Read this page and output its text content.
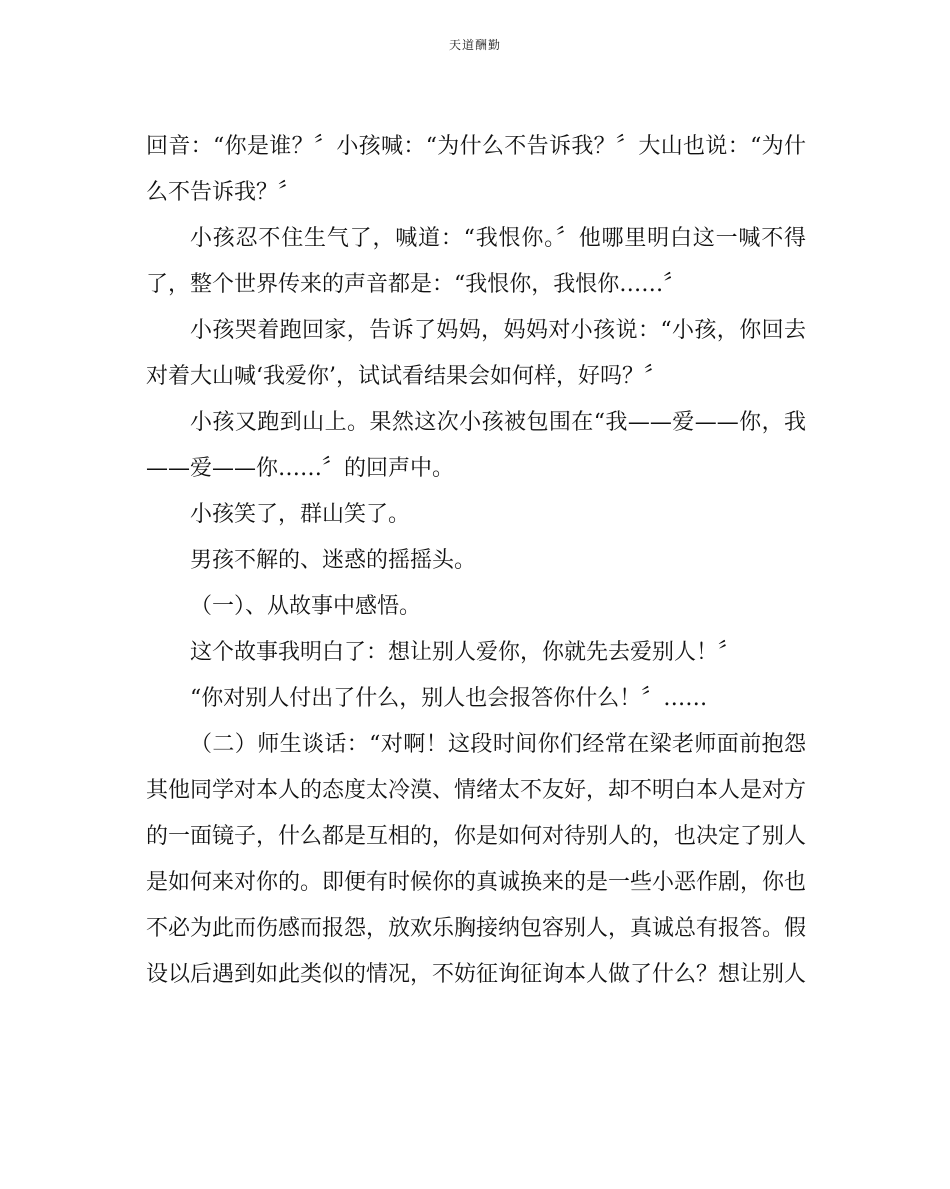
天道酬勤

回音：“你是谁？〞小孩喊：“为什么不告诉我？〞大山也说：“为什么不告诉我？〞

小孩忍不住生气了，喊道：“我恨你。〞他哪里明白这一喊不得了，整个世界传来的声音都是：“我恨你，我恨你……〞

小孩哭着跑回家，告诉了妈妈，妈妈对小孩说：“小孩，你回去对着大山喊‘我爱你’，试试看结果会如何样，好吗？〞

小孩又跑到山上。果然这次小孩被包围在“我——爱——你，我——爱——你……〞的回声中。

小孩笑了，群山笑了。

男孩不解的、迷惑的摇摇头。

（一）、从故事中感悟。

这个故事我明白了：想让别人爱你，你就先去爱别人！〞

“你对别人付出了什么，别人也会报答你什么！〞……

（二）师生谈话：“对啊！这段时间你们经常在梁老师面前抱怨其他同学对本人的态度太冷漠、情绪太不友好，却不明白本人是对方的一面镜子，什么都是互相的，你是如何对待别人的，也决定了别人是如何来对你的。即便有时候你的真诚换来的是一些小恶作剧，你也不必为此而伤感而报怨，放欢乐胸接纳包容别人，真诚总有报答。假设以后遇到如此类似的情况，不妨征询征询本人做了什么？想让别人
